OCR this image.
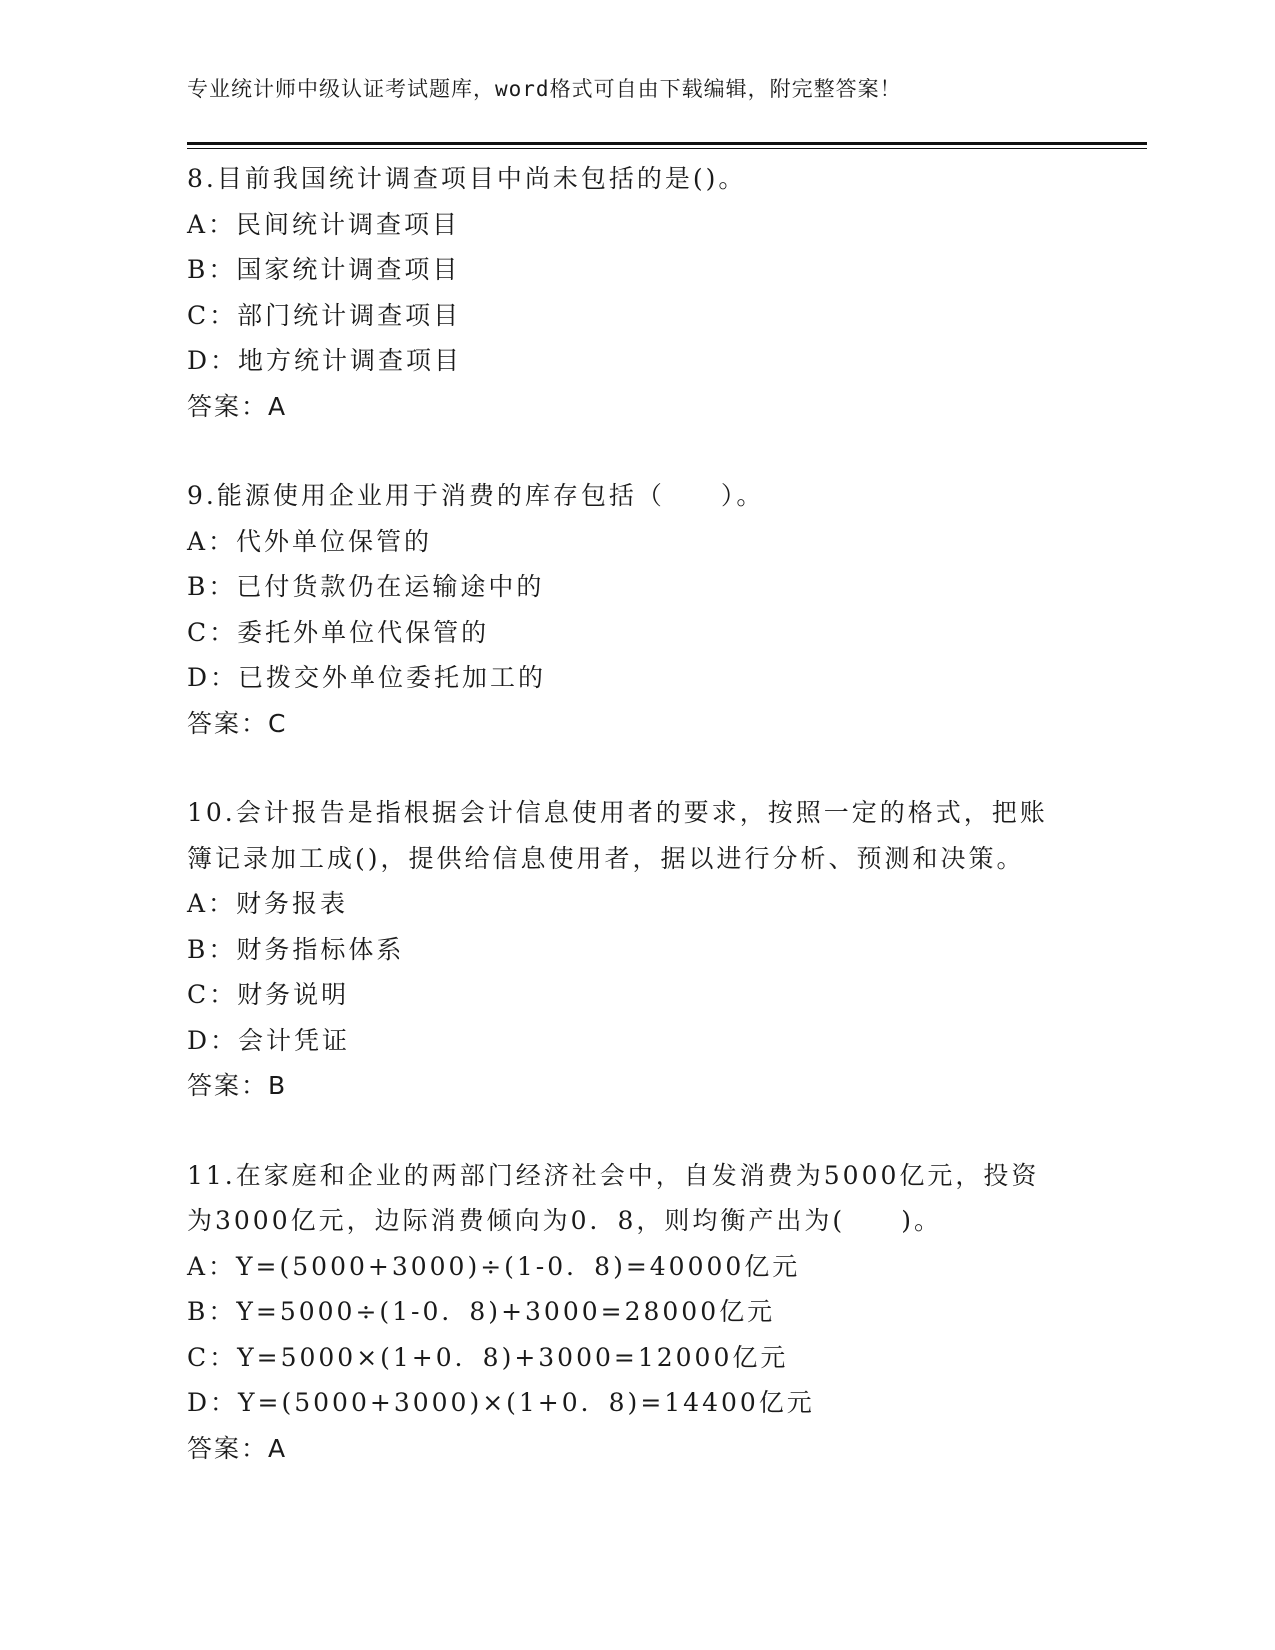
专业统计师中级认证考试题库，word格式可自由下载编辑，附完整答案！
8.目前我国统计调查项目中尚未包括的是()。
A：民间统计调查项目
B：国家统计调查项目
C：部门统计调查项目
D：地方统计调查项目
答案：A
9.能源使用企业用于消费的库存包括（　　）。
A：代外单位保管的
B：已付货款仍在运输途中的
C：委托外单位代保管的
D：已拨交外单位委托加工的
答案：C
10.会计报告是指根据会计信息使用者的要求，按照一定的格式，把账
簿记录加工成()，提供给信息使用者，据以进行分析、预测和决策。
A：财务报表
B：财务指标体系
C：财务说明
D：会计凭证
答案：B
11.在家庭和企业的两部门经济社会中，自发消费为5000亿元，投资
为3000亿元，边际消费倾向为0．8，则均衡产出为(　　)。
A：Y=(5000+3000)÷(1-0．8)=40000亿元
B：Y=5000÷(1-0．8)+3000=28000亿元
C：Y=5000×(1+0．8)+3000=12000亿元
D：Y=(5000+3000)×(1+0．8)=14400亿元
答案：A
